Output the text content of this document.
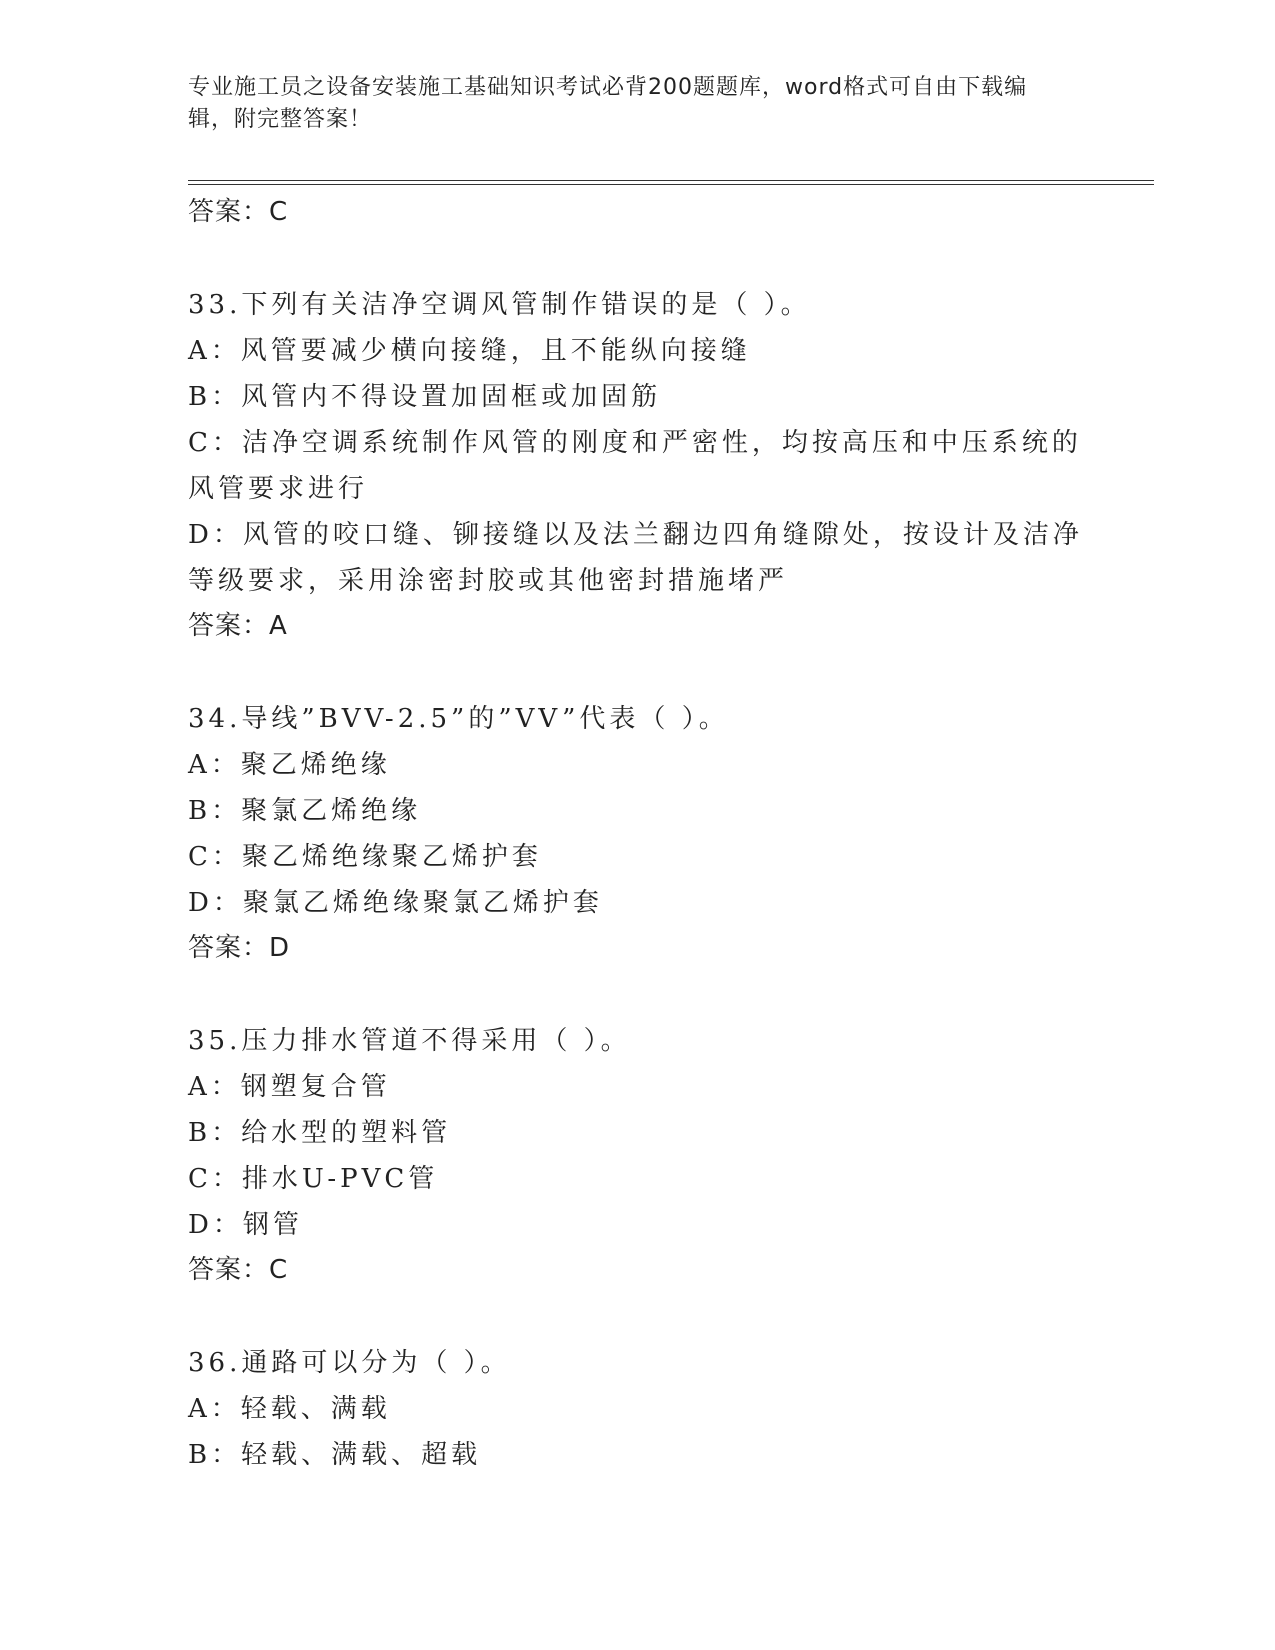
专业施工员之设备安装施工基础知识考试必背200题题库，word格式可自由下载编辑，附完整答案！
答案：C
33.下列有关洁净空调风管制作错误的是（ ）。
A：风管要减少横向接缝，且不能纵向接缝
B：风管内不得设置加固框或加固筋
C：洁净空调系统制作风管的刚度和严密性，均按高压和中压系统的风管要求进行
D：风管的咬口缝、铆接缝以及法兰翻边四角缝隙处，按设计及洁净等级要求，采用涂密封胶或其他密封措施堵严
答案：A
34.导线”BVV-2.5”的”VV”代表（ ）。
A：聚乙烯绝缘
B：聚氯乙烯绝缘
C：聚乙烯绝缘聚乙烯护套
D：聚氯乙烯绝缘聚氯乙烯护套
答案：D
35.压力排水管道不得采用（ ）。
A：钢塑复合管
B：给水型的塑料管
C：排水U-PVC管
D：钢管
答案：C
36.通路可以分为（ ）。
A：轻载、满载
B：轻载、满载、超载
